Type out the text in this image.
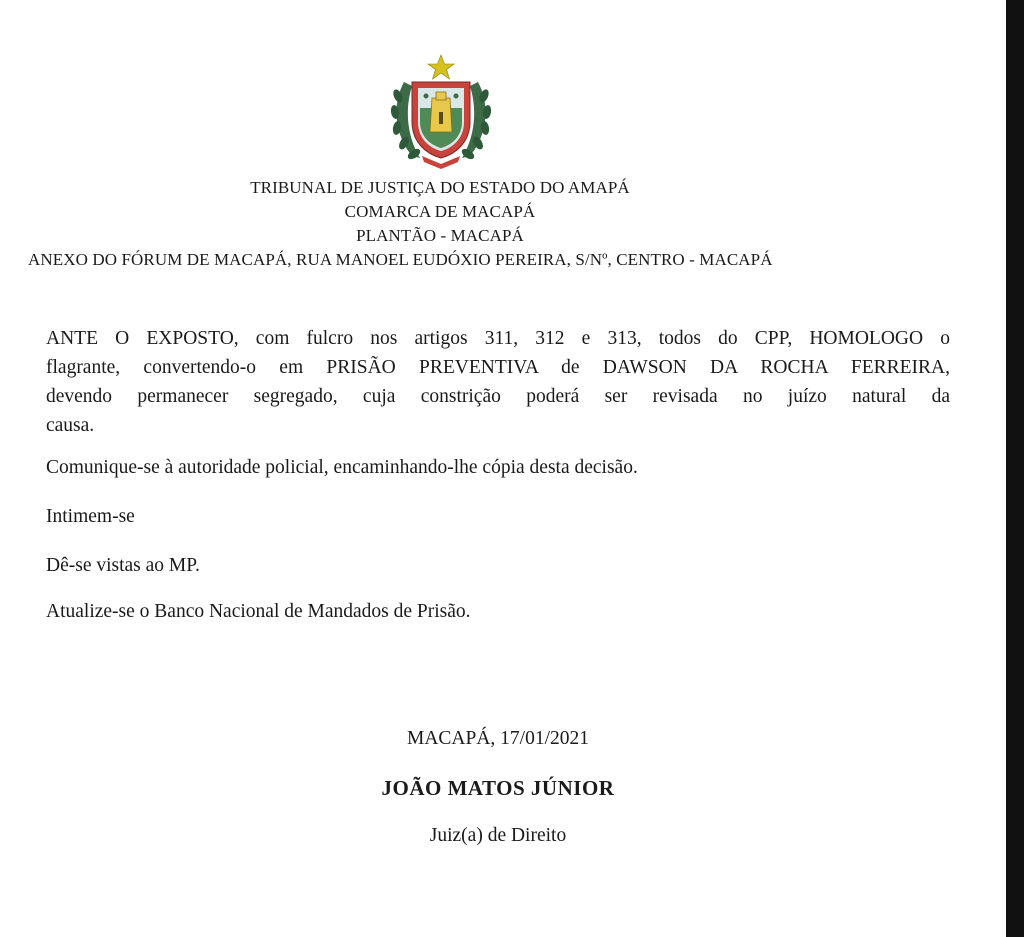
TRIBUNAL DE JUSTIÇA DO ESTADO DO AMAPÁ
COMARCA DE MACAPÁ
PLANTÃO - MACAPÁ
ANEXO DO FÓRUM DE MACAPÁ, RUA MANOEL EUDÓXIO PEREIRA, S/Nº, CENTRO - MACAPÁ
ANTE O EXPOSTO, com fulcro nos artigos 311, 312 e 313, todos do CPP, HOMOLOGO o
flagrante, convertendo-o em PRISÃO PREVENTIVA de DAWSON DA ROCHA FERREIRA,
devendo permanecer segregado, cuja constrição poderá ser revisada no juízo natural da
causa.
Comunique-se à autoridade policial, encaminhando-lhe cópia desta decisão.
Intimem-se
Dê-se vistas ao MP.
Atualize-se o Banco Nacional de Mandados de Prisão.
MACAPÁ, 17/01/2021
JOÃO MATOS JÚNIOR
Juiz(a) de Direito
